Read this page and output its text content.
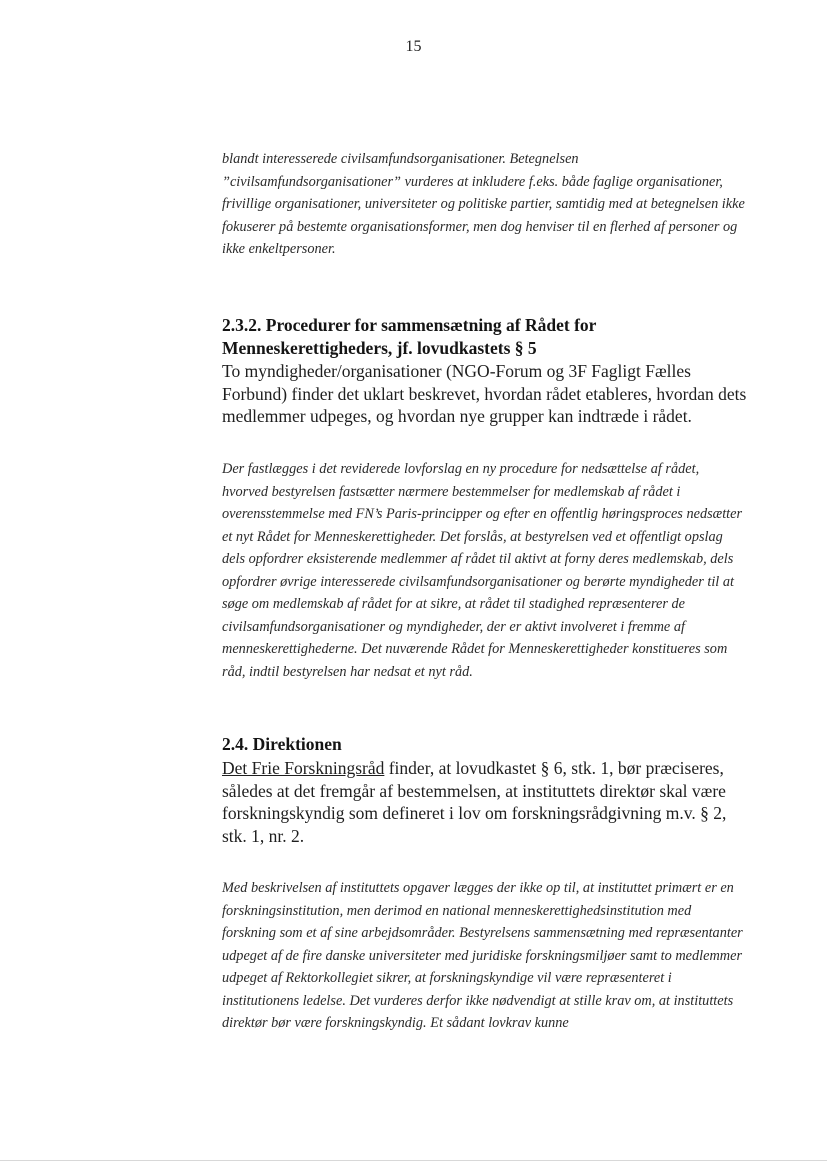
15
blandt interesserede civilsamfundsorganisationer. Betegnelsen ”civilsamfundsorganisationer” vurderes at inkludere f.eks. både faglige organisationer, frivillige organisationer, universiteter og politiske partier, samtidig med at betegnelsen ikke fokuserer på bestemte organisationsformer, men dog henviser til en flerhed af personer og ikke enkeltpersoner.
2.3.2. Procedurer for sammensætning af Rådet for Menneskerettigheders, jf. lovudkastets § 5
To myndigheder/organisationer (NGO-Forum og 3F Fagligt Fælles Forbund) finder det uklart beskrevet, hvordan rådet etableres, hvordan dets medlemmer udpeges, og hvordan nye grupper kan indtræde i rådet.
Der fastlægges i det reviderede lovforslag en ny procedure for nedsættelse af rådet, hvorved bestyrelsen fastsætter nærmere bestemmelser for medlemskab af rådet i overensstemmelse med FN’s Paris-principper og efter en offentlig høringsproces nedsætter et nyt Rådet for Menneskerettigheder. Det forslås, at bestyrelsen ved et offentligt opslag dels opfordrer eksisterende medlemmer af rådet til aktivt at forny deres medlemskab, dels opfordrer øvrige interesserede civilsamfundsorganisationer og berørte myndigheder til at søge om medlemskab af rådet for at sikre, at rådet til stadighed repræsenterer de civilsamfundsorganisationer og myndigheder, der er aktivt involveret i fremme af menneskerettighederne. Det nuværende Rådet for Menneskerettigheder konstitueres som råd, indtil bestyrelsen har nedsat et nyt råd.
2.4. Direktionen
Det Frie Forskningsråd finder, at lovudkastet § 6, stk. 1, bør præciseres, således at det fremgår af bestemmelsen, at instituttets direktør skal være forskningskyndig som defineret i lov om forskningsrådgivning m.v. § 2, stk. 1, nr. 2.
Med beskrivelsen af instituttets opgaver lægges der ikke op til, at instituttet primært er en forskningsinstitution, men derimod en national menneskerettighedsinstitution med forskning som et af sine arbejdsområder. Bestyrelsens sammensætning med repræsentanter udpeget af de fire danske universiteter med juridiske forskningsmiljøer samt to medlemmer udpeget af Rektorkollegiet sikrer, at forskningskyndige vil være repræsenteret i institutionens ledelse. Det vurderes derfor ikke nødvendigt at stille krav om, at instituttets direktør bør være forskningskyndig. Et sådant lovkrav kunne
